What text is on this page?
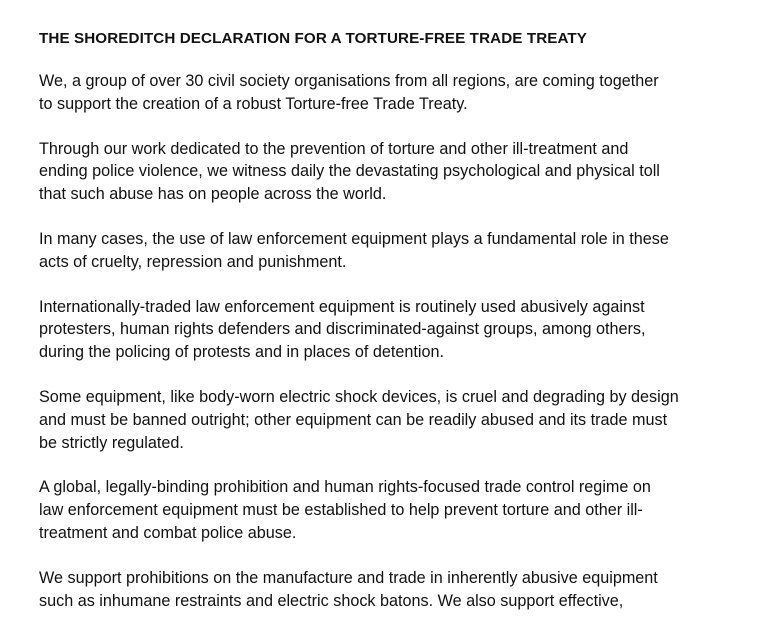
THE SHOREDITCH DECLARATION FOR A TORTURE-FREE TRADE TREATY
We, a group of over 30 civil society organisations from all regions, are coming together
to support the creation of a robust Torture-free Trade Treaty.
Through our work dedicated to the prevention of torture and other ill-treatment and
ending police violence, we witness daily the devastating psychological and physical toll
that such abuse has on people across the world.
In many cases, the use of law enforcement equipment plays a fundamental role in these
acts of cruelty, repression and punishment.
Internationally-traded law enforcement equipment is routinely used abusively against
protesters, human rights defenders and discriminated-against groups, among others,
during the policing of protests and in places of detention.
Some equipment, like body-worn electric shock devices, is cruel and degrading by design
and must be banned outright; other equipment can be readily abused and its trade must
be strictly regulated.
A global, legally-binding prohibition and human rights-focused trade control regime on
law enforcement equipment must be established to help prevent torture and other ill-
treatment and combat police abuse.
We support prohibitions on the manufacture and trade in inherently abusive equipment
such as inhumane restraints and electric shock batons. We also support effective,
